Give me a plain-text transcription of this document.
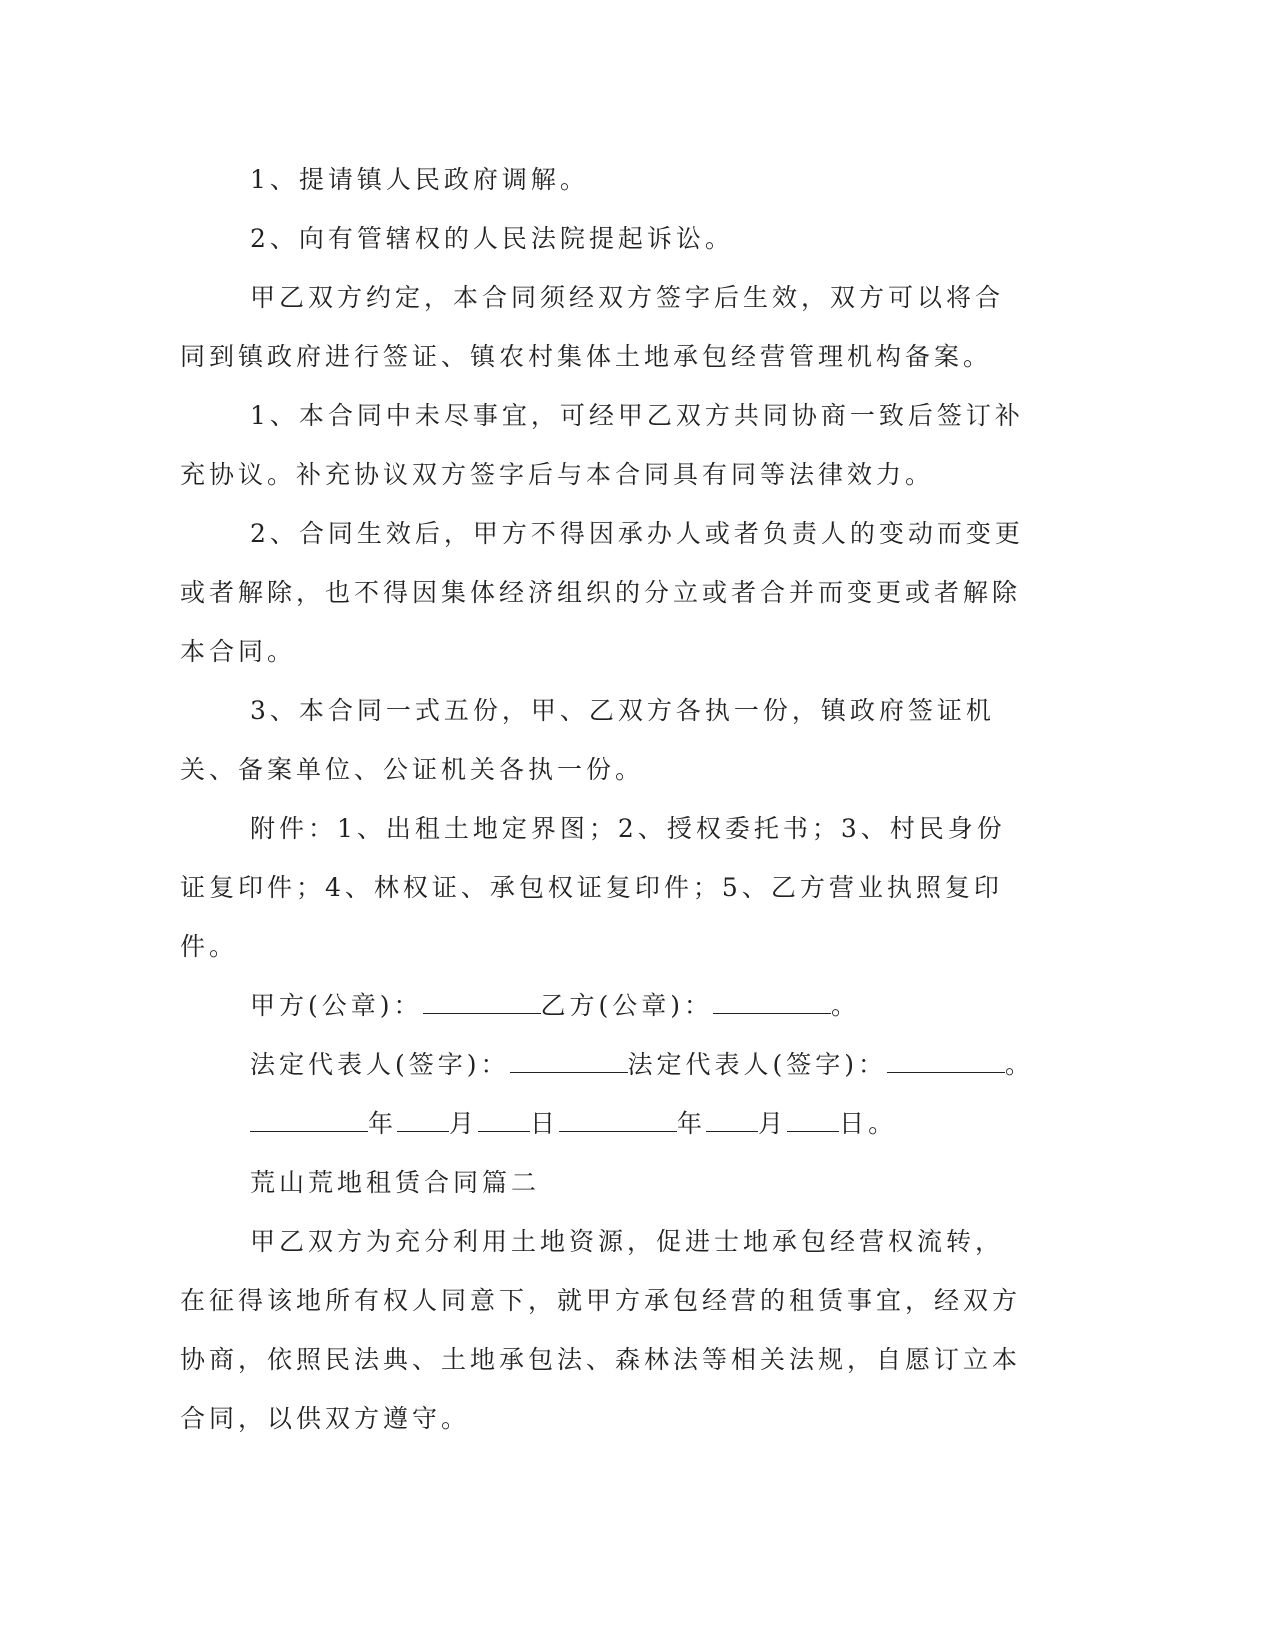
1、提请镇人民政府调解。

2、向有管辖权的人民法院提起诉讼。

甲乙双方约定，本合同须经双方签字后生效，双方可以将合同到镇政府进行签证、镇农村集体土地承包经营管理机构备案。

1、本合同中未尽事宜，可经甲乙双方共同协商一致后签订补充协议。补充协议双方签字后与本合同具有同等法律效力。

2、合同生效后，甲方不得因承办人或者负责人的变动而变更或者解除，也不得因集体经济组织的分立或者合并而变更或者解除本合同。

3、本合同一式五份，甲、乙双方各执一份，镇政府签证机关、备案单位、公证机关各执一份。

附件：1、出租土地定界图；2、授权委托书；3、村民身份证复印件；4、林权证、承包权证复印件；5、乙方营业执照复印件。

甲方(公章)：	乙方(公章)：	。

法定代表人(签字)：	法定代表人(签字)：	。

年 月 日	年 月 日。

荒山荒地租赁合同篇二

甲乙双方为充分利用土地资源，促进士地承包经营权流转，在征得该地所有权人同意下，就甲方承包经营的租赁事宜，经双方协商，依照民法典、土地承包法、森林法等相关法规，自愿订立本合同，以供双方遵守。
